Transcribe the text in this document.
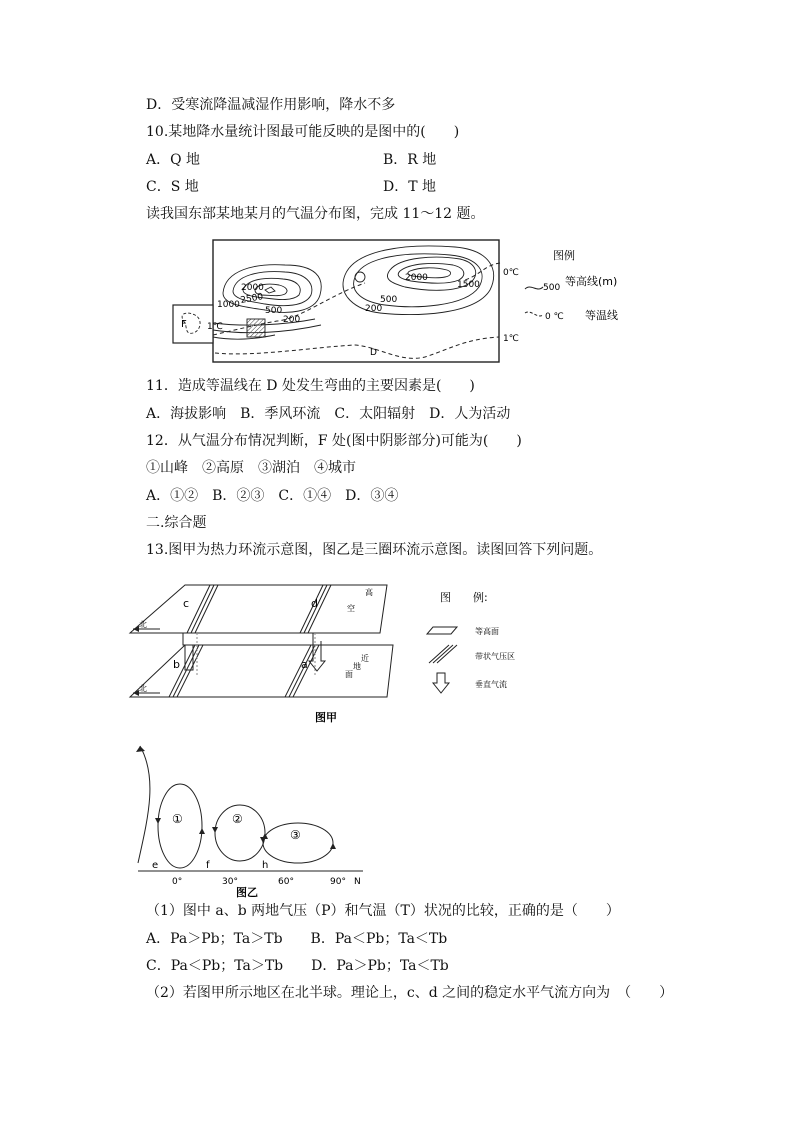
D．受寒流降温减湿作用影响，降水不多
10.某地降水量统计图最可能反映的是图中的(　　)
A．Q 地	B．R 地
C．S 地	D．T 地
读我国东部某地某月的气温分布图，完成 11～12 题。
2000
1000 2500
500
200
2000
1500
500
200
0℃
1℃
1℃
F
D
图例
500 等高线(m)
0 ℃ 等温线
11．造成等温线在 D 处发生弯曲的主要因素是(　　)
A．海拔影响　B．季风环流　C．太阳辐射　D．人为活动
12．从气温分布情况判断，F 处(图中阴影部分)可能为(　　)
①山峰　②高原　③湖泊　④城市
A．①②　B．②③　C．①④　D．③④
二.综合题
13.图甲为热力环流示意图，图乙是三圈环流示意图。读图回答下列问题。
北
北
c	d
b	a
高
空
近
地
面
图　　例:
等高面
带状气压区
垂直气流
图甲
①	②
③
e	f	h
0°	30°	60°	90° N
图乙
（1）图中 a、b 两地气压（P）和气温（T）状况的比较，正确的是（　　）
A．Pa＞Pb；Ta＞Tb　　B．Pa＜Pb；Ta＜Tb
C．Pa＜Pb；Ta＞Tb　　D．Pa＞Pb；Ta＜Tb
（2）若图甲所示地区在北半球。理论上，c、d 之间的稳定水平气流方向为　（　　）
